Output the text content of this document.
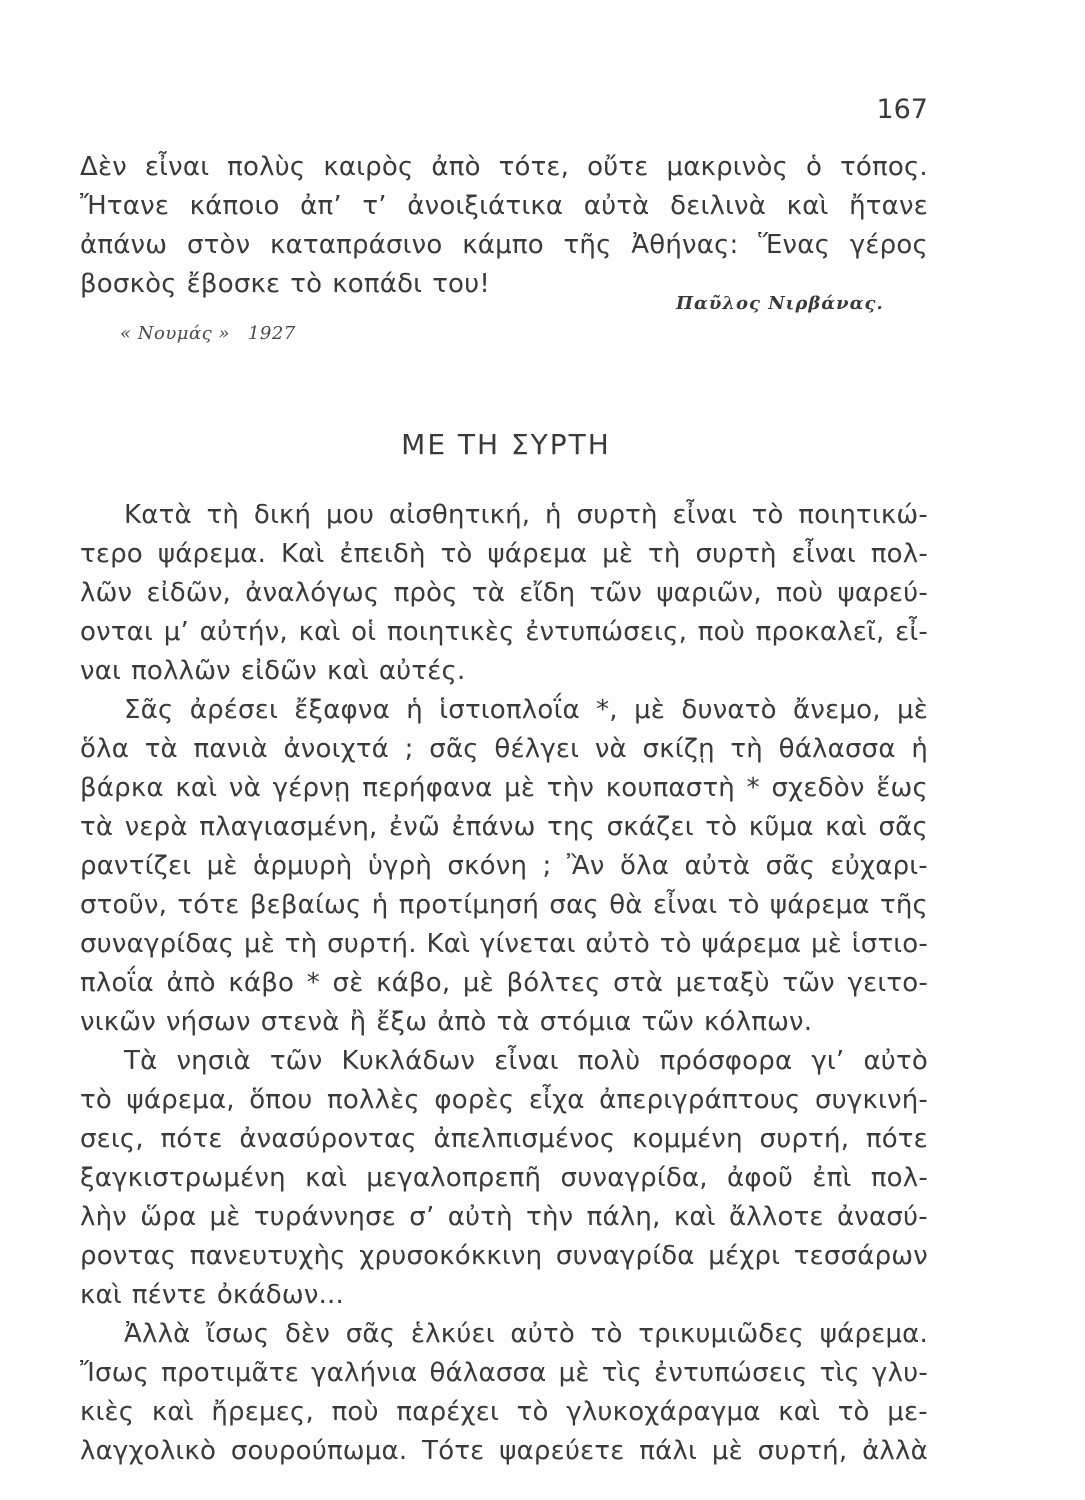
167
Δὲν εἶναι πολὺς καιρὸς ἀπὸ τότε, οὔτε μακρινὸς ὁ τόπος.
Ἤτανε κάποιο ἀπ’ τ’ ἀνοιξιάτικα αὐτὰ δειλινὰ καὶ ἤτανε
ἀπάνω στὸν καταπράσινο κάμπο τῆς Ἀθήνας: Ἕνας γέρος
βοσκὸς ἔβοσκε τὸ κοπάδι του!
Παῦλος Νιρβάνας.
« Νουμάς » 1927
ΜΕ ΤΗ ΣΥΡΤΗ
Κατὰ τὴ δική μου αἰσθητική, ἡ συρτὴ εἶναι τὸ ποιητικώ-
τερο ψάρεμα. Καὶ ἐπειδὴ τὸ ψάρεμα μὲ τὴ συρτὴ εἶναι πολ-
λῶν εἰδῶν, ἀναλόγως πρὸς τὰ εἴδη τῶν ψαριῶν, ποὺ ψαρεύ-
ονται μ’ αὐτήν, καὶ οἱ ποιητικὲς ἐντυπώσεις, ποὺ προκαλεῖ, εἶ-
ναι πολλῶν εἰδῶν καὶ αὐτές.
Σᾶς ἀρέσει ἔξαφνα ἡ ἱστιοπλοΐα *, μὲ δυνατὸ ἄνεμο, μὲ
ὅλα τὰ πανιὰ ἀνοιχτά ; σᾶς θέλγει νὰ σκίζῃ τὴ θάλασσα ἡ
βάρκα καὶ νὰ γέρνῃ περήφανα μὲ τὴν κουπαστὴ * σχεδὸν ἕως
τὰ νερὰ πλαγιασμένη, ἐνῶ ἐπάνω της σκάζει τὸ κῦμα καὶ σᾶς
ραντίζει μὲ ἁρμυρὴ ὑγρὴ σκόνη ; Ἂν ὅλα αὐτὰ σᾶς εὐχαρι-
στοῦν, τότε βεβαίως ἡ προτίμησή σας θὰ εἶναι τὸ ψάρεμα τῆς
συναγρίδας μὲ τὴ συρτή. Καὶ γίνεται αὐτὸ τὸ ψάρεμα μὲ ἱστιο-
πλοΐα ἀπὸ κάβο * σὲ κάβο, μὲ βόλτες στὰ μεταξὺ τῶν γειτο-
νικῶν νήσων στενὰ ἢ ἔξω ἀπὸ τὰ στόμια τῶν κόλπων.
Τὰ νησιὰ τῶν Κυκλάδων εἶναι πολὺ πρόσφορα γι’ αὐτὸ
τὸ ψάρεμα, ὅπου πολλὲς φορὲς εἶχα ἀπεριγράπτους συγκινή-
σεις, πότε ἀνασύροντας ἀπελπισμένος κομμένη συρτή, πότε
ξαγκιστρωμένη καὶ μεγαλοπρεπῆ συναγρίδα, ἀφοῦ ἐπὶ πολ-
λὴν ὥρα μὲ τυράννησε σ’ αὐτὴ τὴν πάλη, καὶ ἄλλοτε ἀνασύ-
ροντας πανευτυχὴς χρυσοκόκκινη συναγρίδα μέχρι τεσσάρων
καὶ πέντε ὀκάδων...
Ἀλλὰ ἴσως δὲν σᾶς ἑλκύει αὐτὸ τὸ τρικυμιῶδες ψάρεμα.
Ἴσως προτιμᾶτε γαλήνια θάλασσα μὲ τὶς ἐντυπώσεις τὶς γλυ-
κιὲς καὶ ἤρεμες, ποὺ παρέχει τὸ γλυκοχάραγμα καὶ τὸ με-
λαγχολικὸ σουρούπωμα. Τότε ψαρεύετε πάλι μὲ συρτή, ἀλλὰ
